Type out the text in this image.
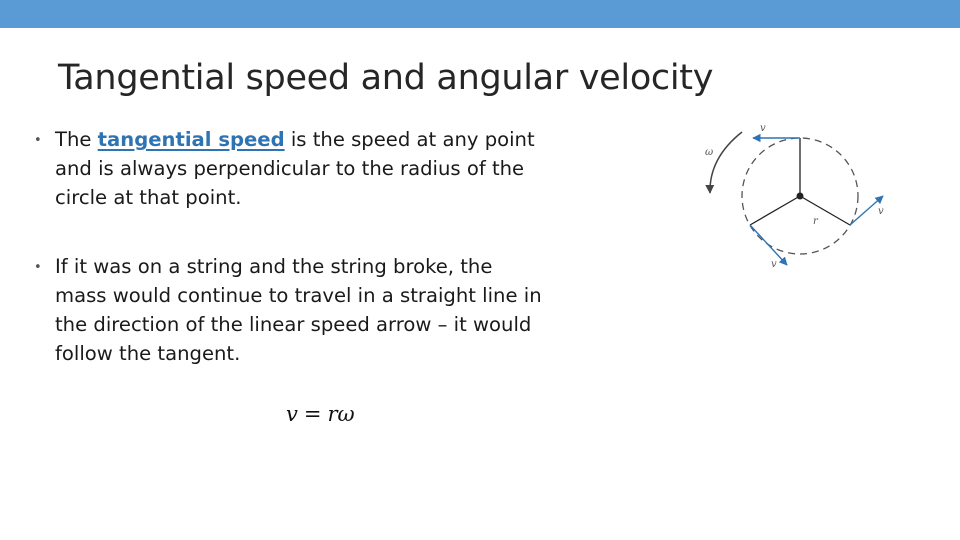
Tangential speed and angular velocity
• The tangential speed is the speed at any point
and is always perpendicular to the radius of the
circle at that point.
• If it was on a string and the string broke, the
mass would continue to travel in a straight line in
the direction of the linear speed arrow – it would
follow the tangent.
v = rω
ω
v
v
v
r
